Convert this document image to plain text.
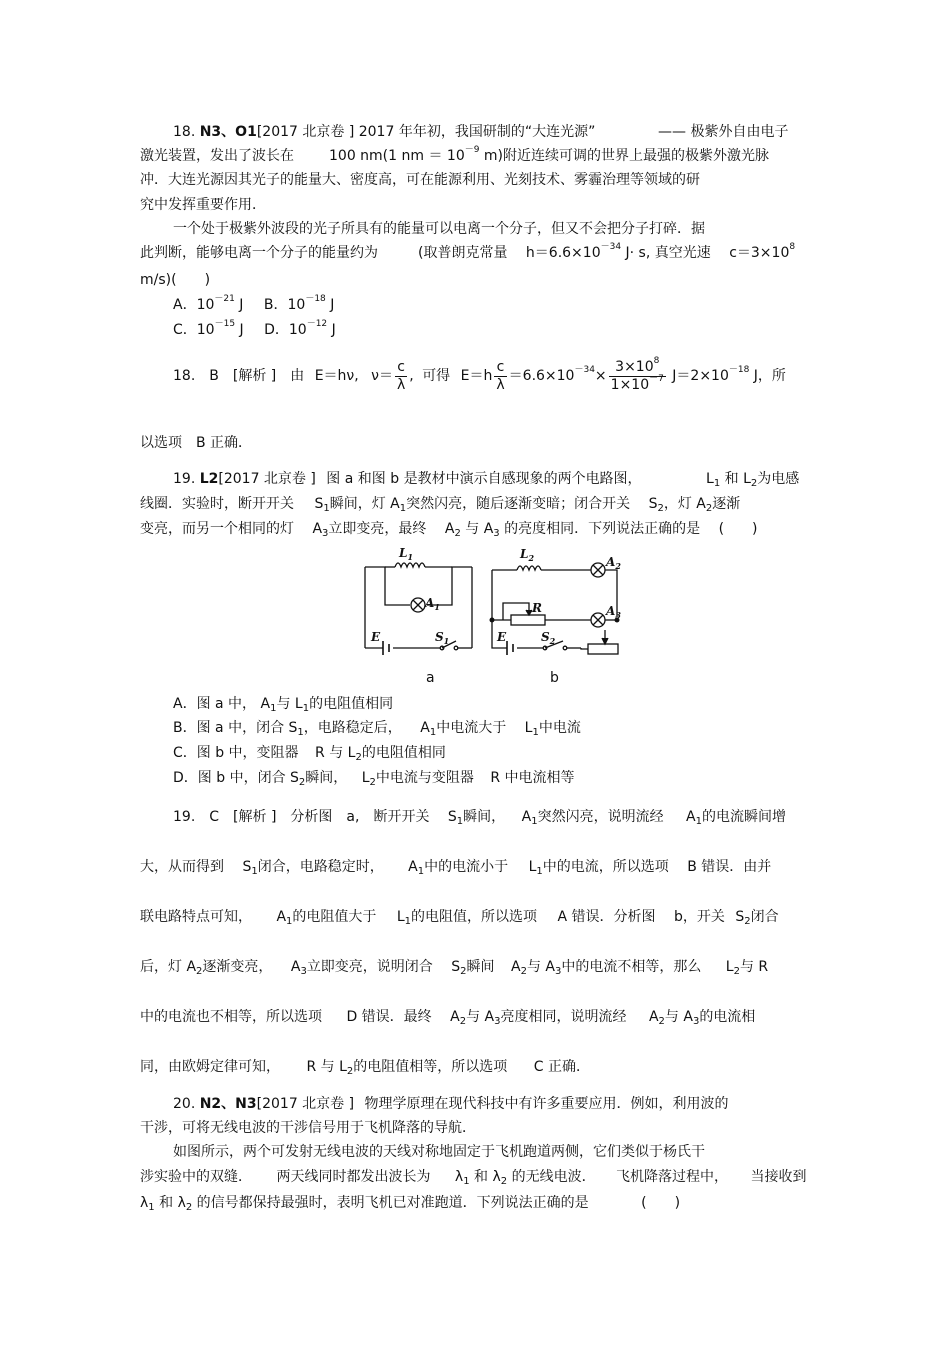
18. N3、O1[2017 北京卷 ] 2017 年年初，我国研制的“大连光源”	—— 极紫外自由电子
激光装置，发出了波长在	100 nm(1 nm ＝ $10^{-9}$ m)附近连续可调的世界上最强的极紫外激光脉
冲．大连光源因其光子的能量大、密度高，可在能源利用、光刻技术、雾霾治理等领域的研
究中发挥重要作用．
一个处于极紫外波段的光子所具有的能量可以电离一个分子，但又不会把分子打碎．据
此判断，能够电离一个分子的能量约为	(取普朗克常量 $h=6.6\times 10^{-34}$ J· s, 真空光速 $c=3\times 10^8$
m/s)(　　)
A．$10^{-21}$ J B．$10^{-18}$ J
C．$10^{-15}$ J D．$10^{-12}$ J
18.　B　[解析 ]　由 E＝hν, $\nu= \frac{c}{\lambda}$ , 可得 $E=h \frac{c}{\lambda} =6.6\times 10^{-34}\times \frac{3\times 10^8}{1\times 10^{-7}} J=2\times 10^{-18}$ J，所
以选项　B 正确．
19. L2[2017 北京卷 ] 图 a 和图 b 是教材中演示自感现象的两个电路图，	$L_1$ 和 $L_2$为电感
线圈．实验时，断开开关 $S_1$瞬间，灯 $A_1$突然闪亮，随后逐渐变暗；闭合开关 $S_2$，灯 $A_2$逐渐
变亮，而另一个相同的灯 $A_3$立即变亮，最终 $A_2$ 与 $A_3$ 的亮度相同．下列说法正确的是 (　　)
$L_1$
$A_1$
E	$S_1$
$L_2$	$A_2$
R	$A_3$
E	$S_2$
a	b
A．图 a 中， $A_1$与 $L_1$的电阻值相同
B．图 a 中，闭合 $S_1$，电路稳定后， $A_1$中电流大于 $L_1$中电流
C．图 b 中，变阻器 R 与 $L_2$的电阻值相同
D．图 b 中，闭合 $S_2$瞬间， $L_2$中电流与变阻器 R 中电流相等
19.　C　[解析 ]　分析图　a,　断开开关 $S_1$瞬间， $A_1$突然闪亮，说明流经 $A_1$的电流瞬间增
大，从而得到 $S_1$闭合，电路稳定时， $A_1$中的电流小于 $L_1$中的电流，所以选项 B 错误．由并
联电路特点可知， $A_1$的电阻值大于 $L_1$的电阻值，所以选项 A 错误．分析图 b，开关 $S_2$闭合
后，灯 $A_2$逐渐变亮， $A_3$立即变亮，说明闭合 $S_2$瞬间 $A_2$与 $A_3$中的电流不相等，那么 $L_2$与 R
中的电流也不相等，所以选项 D 错误．最终 $A_2$与 $A_3$亮度相同，说明流经 $A_2$与 $A_3$的电流相
同，由欧姆定律可知， R 与 $L_2$的电阻值相等，所以选项 C 正确．
20. N2、N3[2017 北京卷 ] 物理学原理在现代科技中有许多重要应用．例如，利用波的
干涉，可将无线电波的干涉信号用于飞机降落的导航．
如图所示，两个可发射无线电波的天线对称地固定于飞机跑道两侧，它们类似于杨氏干
涉实验中的双缝． 两天线同时都发出波长为 $\lambda_1$ 和 $\lambda_2$ 的无线电波． 飞机降落过程中， 当接收到
$\lambda_1$ 和 $\lambda_2$ 的信号都保持最强时，表明飞机已对准跑道．下列说法正确的是	(　　)
